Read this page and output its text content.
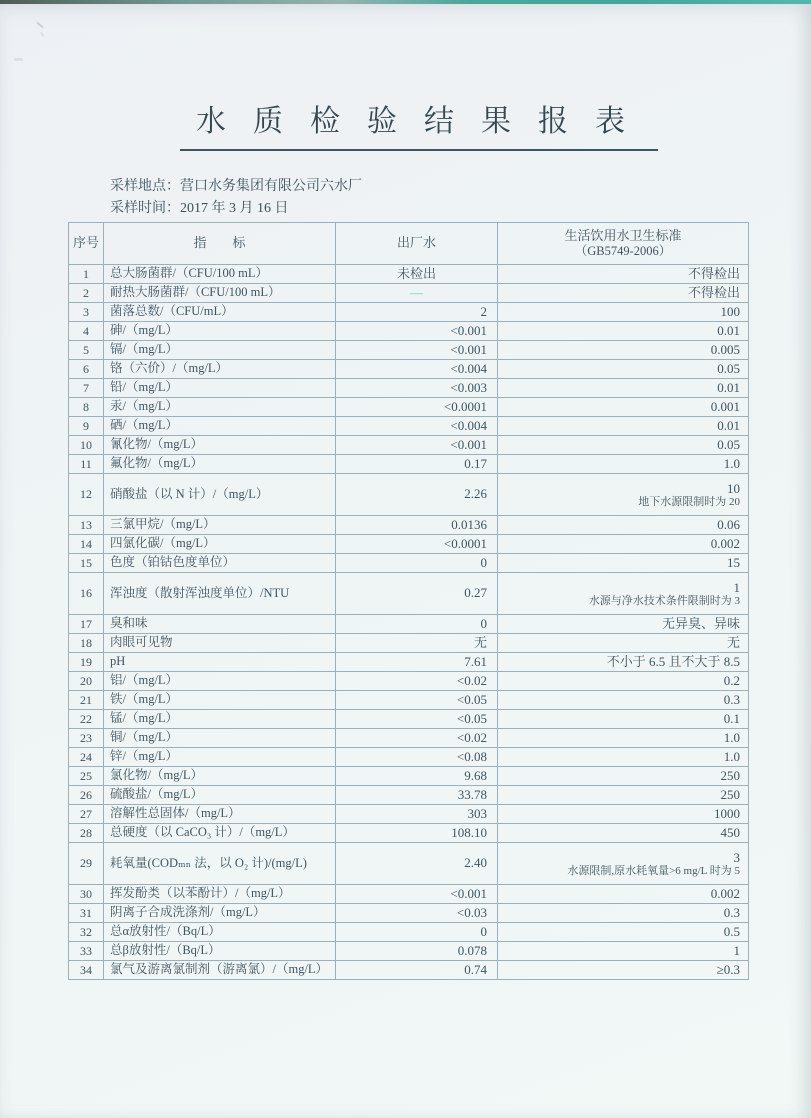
水质检验结果报表
采样地点：营口水务集团有限公司六水厂
采样时间：2017 年 3 月 16 日
序号	指　　标	出厂水	生活饮用水卫生标准
（GB5749-2006）

1	总大肠菌群/（CFU/100 mL）	未检出	不得检出
2	耐热大肠菌群/（CFU/100 mL）	—	不得检出
3	菌落总数/（CFU/mL）	2	100
4	砷/（mg/L）	<0.001	0.01
5	镉/（mg/L）	<0.001	0.005
6	铬（六价）/（mg/L）	<0.004	0.05
7	铅/（mg/L）	<0.003	0.01
8	汞/（mg/L）	<0.0001	0.001
9	硒/（mg/L）	<0.004	0.01
10	氰化物/（mg/L）	<0.001	0.05
11	氟化物/（mg/L）	0.17	1.0
12	硝酸盐（以 N 计）/（mg/L）	2.26	10
地下水源限制时为 20

13	三氯甲烷/（mg/L）	0.0136	0.06
14	四氯化碳/（mg/L）	<0.0001	0.002
15	色度（铂钴色度单位）	0	15
16	浑浊度（散射浑浊度单位）/NTU	0.27	1
水源与净水技术条件限制时为 3

17	臭和味	0	无异臭、异味
18	肉眼可见物	无	无
19	pH	7.61	不小于 6.5 且不大于 8.5
20	铝/（mg/L）	<0.02	0.2
21	铁/（mg/L）	<0.05	0.3
22	锰/（mg/L）	<0.05	0.1
23	铜/（mg/L）	<0.02	1.0
24	锌/（mg/L）	<0.08	1.0
25	氯化物/（mg/L）	9.68	250
26	硫酸盐/（mg/L）	33.78	250
27	溶解性总固体/（mg/L）	303	1000
28	总硬度（以 CaCO₃ 计）/（mg/L）	108.10	450
29	耗氧量(CODₘₙ 法，以 O₂ 计)/(mg/L)	2.40	3
水源限制,原水耗氧量>6 mg/L 时为 5

30	挥发酚类（以苯酚计）/（mg/L）	<0.001	0.002
31	阴离子合成洗涤剂/（mg/L）	<0.03	0.3
32	总α放射性/（Bq/L）	0	0.5
33	总β放射性/（Bq/L）	0.078	1
34	氯气及游离氯制剂（游离氯）/（mg/L）	0.74	≥0.3
